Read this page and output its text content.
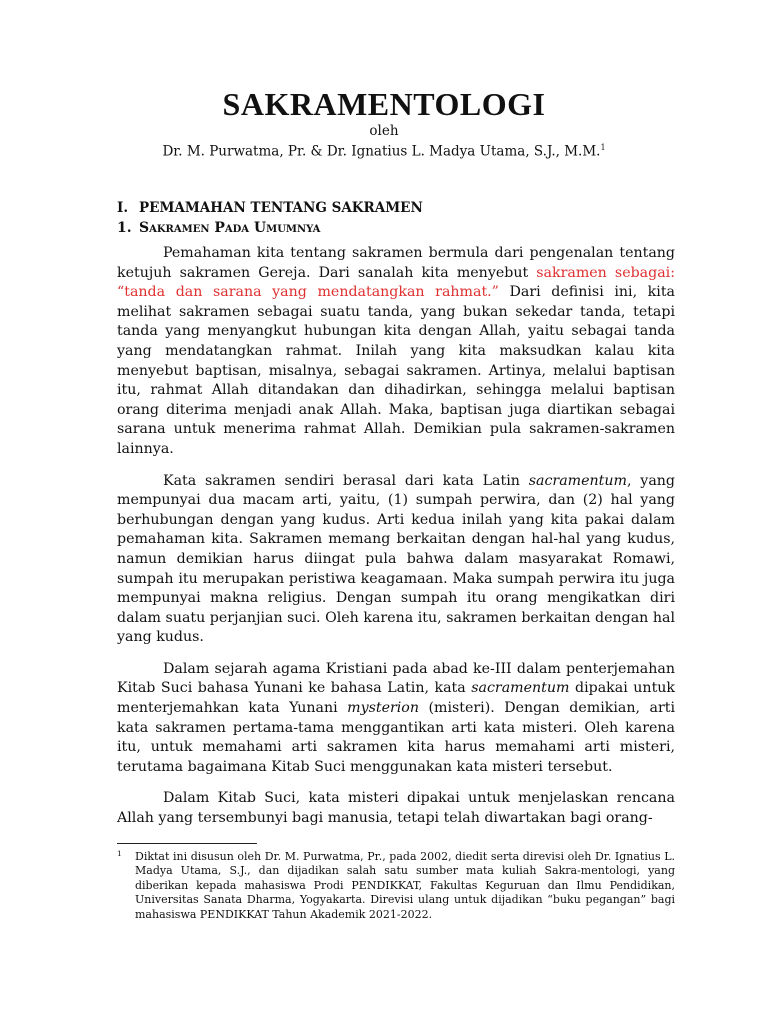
SAKRAMENTOLOGI
oleh
Dr. M. Purwatma, Pr. & Dr. Ignatius L. Madya Utama, S.J., M.M.$^1$
I. PEMAMAHAN TENTANG SAKRAMEN
1. Sakramen Pada Umumnya

Pemahaman kita tentang sakramen bermula dari pengenalan tentang ketujuh sakramen Gereja. Dari sanalah kita menyebut sakramen sebagai: “tanda dan sarana yang mendatangkan rahmat.” Dari definisi ini, kita melihat sakramen sebagai suatu tanda, yang bukan sekedar tanda, tetapi tanda yang menyangkut hubungan kita dengan Allah, yaitu sebagai tanda yang mendatangkan rahmat. Inilah yang kita maksudkan kalau kita menyebut baptisan, misalnya, sebagai sakramen. Artinya, melalui baptisan itu, rahmat Allah ditandakan dan dihadirkan, sehingga melalui baptisan orang diterima menjadi anak Allah. Maka, baptisan juga diartikan sebagai sarana untuk menerima rahmat Allah. Demikian pula sakramen-sakramen lainnya.

Kata sakramen sendiri berasal dari kata Latin sacramentum, yang mempunyai dua macam arti, yaitu, (1) sumpah perwira, dan (2) hal yang berhubungan dengan yang kudus. Arti kedua inilah yang kita pakai dalam pemahaman kita. Sakramen memang berkaitan dengan hal-hal yang kudus, namun demikian harus diingat pula bahwa dalam masyarakat Romawi, sumpah itu merupakan peristiwa keagamaan. Maka sumpah perwira itu juga mempunyai makna religius. Dengan sumpah itu orang mengikatkan diri dalam suatu perjanjian suci. Oleh karena itu, sakramen berkaitan dengan hal yang kudus.

Dalam sejarah agama Kristiani pada abad ke-III dalam penterjemahan Kitab Suci bahasa Yunani ke bahasa Latin, kata sacramentum dipakai untuk menterjemahkan kata Yunani mysterion (misteri). Dengan demikian, arti kata sakramen pertama-tama menggantikan arti kata misteri. Oleh karena itu, untuk memahami arti sakramen kita harus memahami arti misteri, terutama bagaimana Kitab Suci menggunakan kata misteri tersebut.

Dalam Kitab Suci, kata misteri dipakai untuk menjelaskan rencana Allah yang tersembunyi bagi manusia, tetapi telah diwartakan bagi orang-

1 Diktat ini disusun oleh Dr. M. Purwatma, Pr., pada 2002, diedit serta direvisi oleh Dr. Ignatius L. Madya Utama, S.J., dan dijadikan salah satu sumber mata kuliah Sakra-mentologi, yang diberikan kepada mahasiswa Prodi PENDIKKAT, Fakultas Keguruan dan Ilmu Pendidikan, Universitas Sanata Dharma, Yogyakarta. Direvisi ulang untuk dijadikan “buku pegangan” bagi mahasiswa PENDIKKAT Tahun Akademik 2021-2022.
